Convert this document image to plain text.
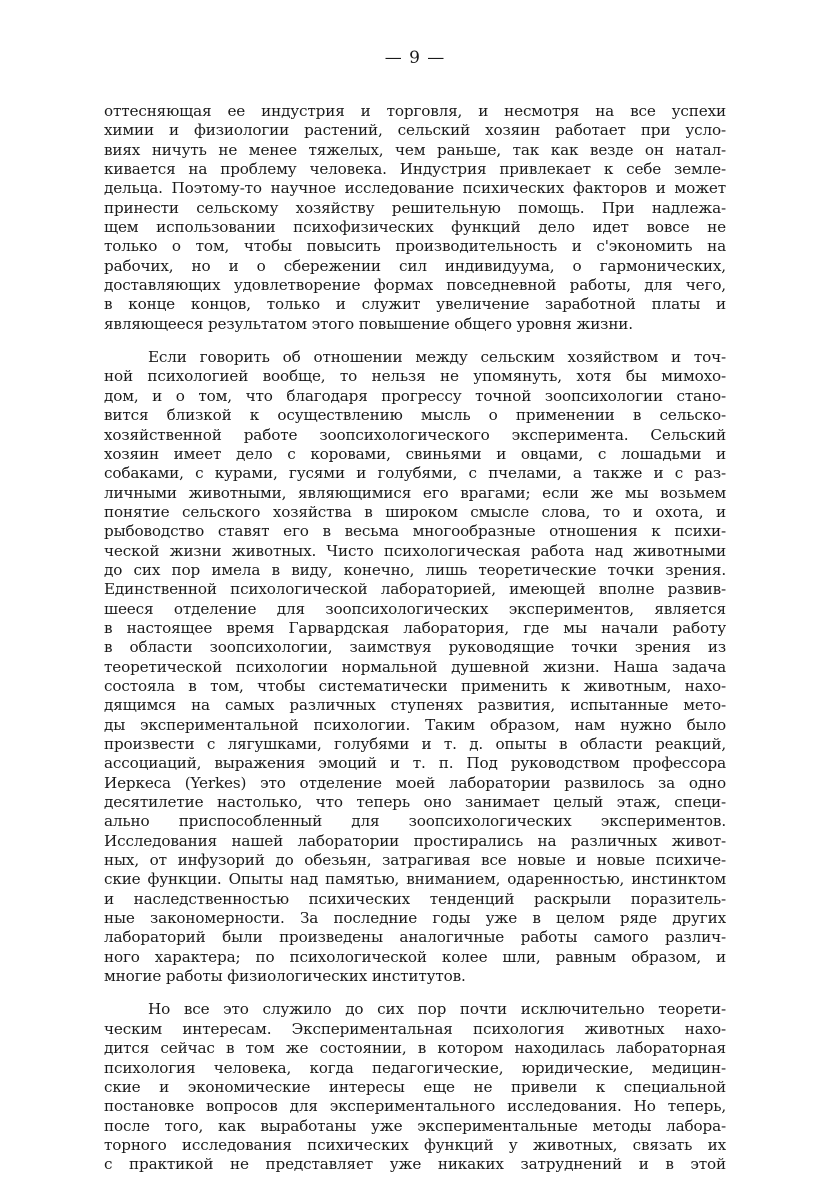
— 9 —
оттесняющая ее индустрия и торговля, и несмотря на все успехи
химии и физиологии растений, сельский хозяин работает при усло-
виях ничуть не менее тяжелых, чем раньше, так как везде он натал-
кивается на проблему человека. Индустрия привлекает к себе земле-
дельца. Поэтому-то научное исследование психических факторов и может
принести сельскому хозяйству решительную помощь. При надлежа-
щем использовании психофизических функций дело идет вовсе не
только о том, чтобы повысить производительность и с'экономить на
рабочих, но и о сбережении сил индивидуума, о гармонических,
доставляющих удовлетворение формах повседневной работы, для чего,
в конце концов, только и служит увеличение заработной платы и
являющееся результатом этого повышение общего уровня жизни.
Если говорить об отношении между сельским хозяйством и точ-
ной психологией вообще, то нельзя не упомянуть, хотя бы мимохо-
дом, и о том, что благодаря прогрессу точной зоопсихологии стано-
вится близкой к осуществлению мысль о применении в сельско-
хозяйственной работе зоопсихологического эксперимента. Сельский
хозяин имеет дело с коровами, свиньями и овцами, с лошадьми и
собаками, с курами, гусями и голубями, с пчелами, а также и с раз-
личными животными, являющимися его врагами; если же мы возьмем
понятие сельского хозяйства в широком смысле слова, то и охота, и
рыбоводство ставят его в весьма многообразные отношения к психи-
ческой жизни животных. Чисто психологическая работа над животными
до сих пор имела в виду, конечно, лишь теоретические точки зрения.
Единственной психологической лабораторией, имеющей вполне развив-
шееся отделение для зоопсихологических экспериментов, является
в настоящее время Гарвардская лаборатория, где мы начали работу
в области зоопсихологии, заимствуя руководящие точки зрения из
теоретической психологии нормальной душевной жизни. Наша задача
состояла в том, чтобы систематически применить к животным, нахо-
дящимся на самых различных ступенях развития, испытанные мето-
ды экспериментальной психологии. Таким образом, нам нужно было
произвести с лягушками, голубями и т. д. опыты в области реакций,
ассоциаций, выражения эмоций и т. п. Под руководством профессора
Иеркеса (Yerkes) это отделение моей лаборатории развилось за одно
десятилетие настолько, что теперь оно занимает целый этаж, специ-
ально приспособленный для зоопсихологических экспериментов.
Исследования нашей лаборатории простирались на различных живот-
ных, от инфузорий до обезьян, затрагивая все новые и новые психиче-
ские функции. Опыты над памятью, вниманием, одаренностью, инстинктом
и наследственностью психических тенденций раскрыли поразитель-
ные закономерности. За последние годы уже в целом ряде других
лабораторий были произведены аналогичные работы самого различ-
ного характера; по психологической колее шли, равным образом, и
многие работы физиологических институтов.
Но все это служило до сих пор почти исключительно теорети-
ческим интересам. Экспериментальная психология животных нахо-
дится сейчас в том же состоянии, в котором находилась лабораторная
психология человека, когда педагогические, юридические, медицин-
ские и экономические интересы еще не привели к специальной
постановке вопросов для экспериментального исследования. Но теперь,
после того, как выработаны уже экспериментальные методы лабора-
торного исследования психических функций у животных, связать их
с практикой не представляет уже никаких затруднений и в этой
